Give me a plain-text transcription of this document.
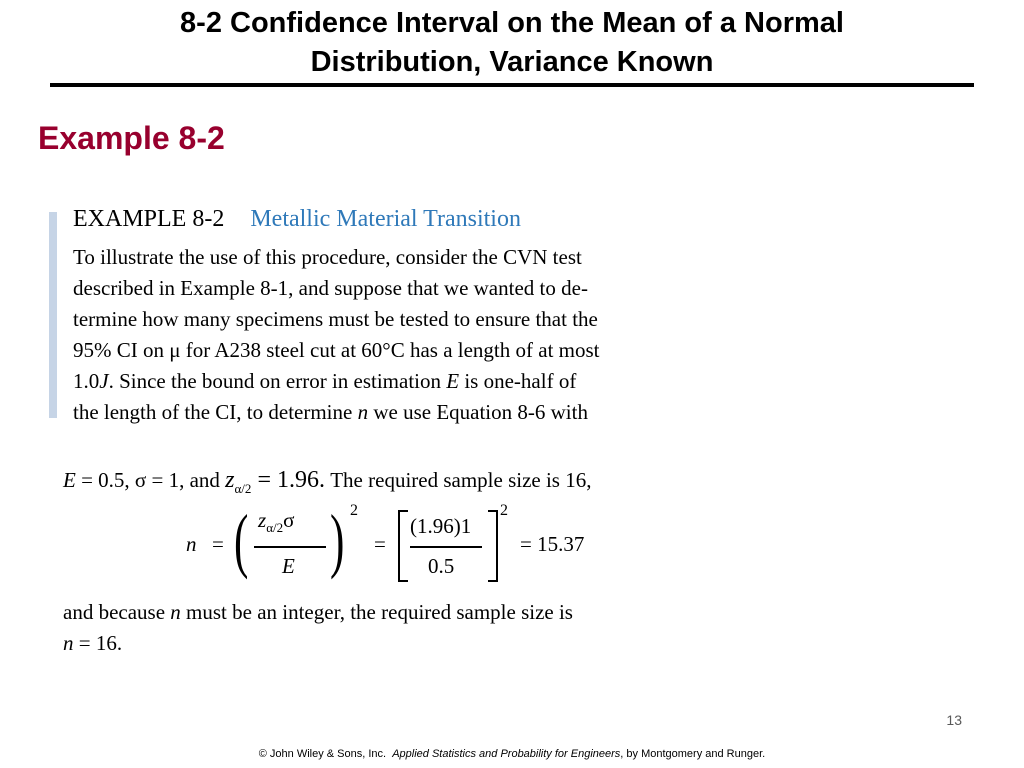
8-2 Confidence Interval on the Mean of a Normal
Distribution, Variance Known
Example 8-2
EXAMPLE 8-2 Metallic Material Transition
To illustrate the use of this procedure, consider the CVN test
described in Example 8-1, and suppose that we wanted to de-
termine how many specimens must be tested to ensure that the
95% CI on μ for A238 steel cut at 60°C has a length of at most
1.0J. Since the bound on error in estimation E is one-half of
the length of the CI, to determine n we use Equation 8-6 with
E = 0.5, σ = 1, and $z_{\alpha/2} = 1.96$. The required sample size is 16,
n = ( $z_{\alpha/2}\sigma$
E ) 2
=
(1.96)1
0.5
2
= 15.37
and because n must be an integer, the required sample size is
n = 16.
13
© John Wiley & Sons, Inc. Applied Statistics and Probability for Engineers, by Montgomery and Runger.
